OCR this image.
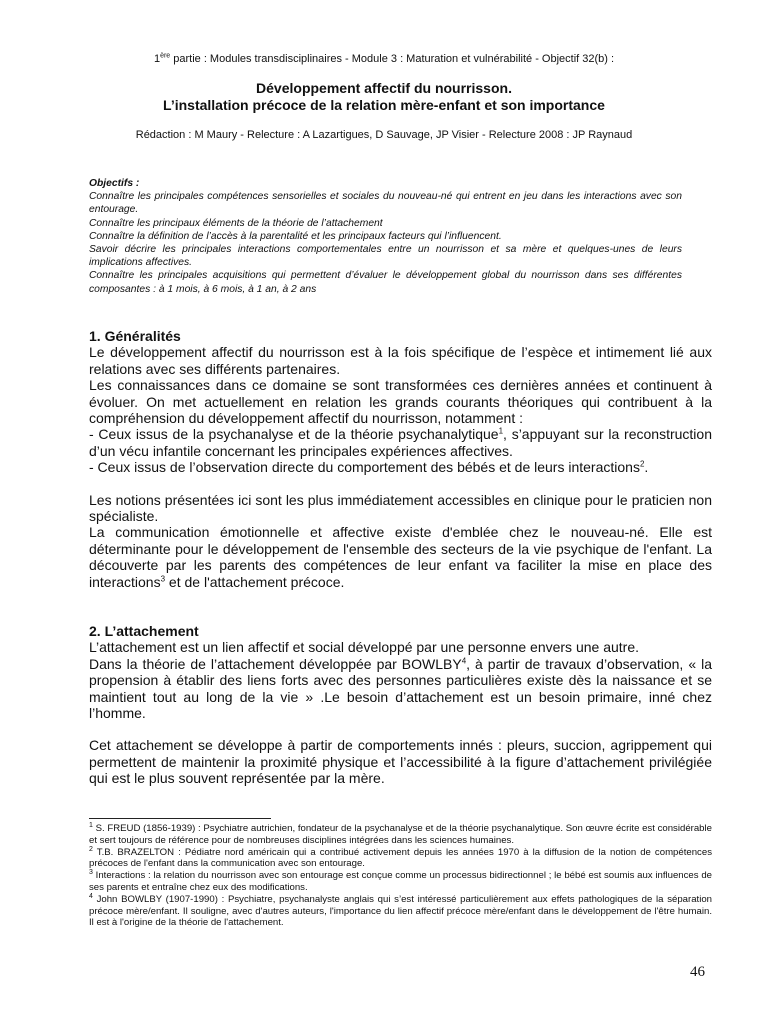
1ère partie : Modules transdisciplinaires - Module 3 : Maturation et vulnérabilité - Objectif 32(b) :
Développement affectif du nourrisson.
L’installation précoce de la relation mère-enfant et son importance
Rédaction : M Maury - Relecture : A Lazartigues, D Sauvage, JP Visier - Relecture 2008 : JP Raynaud
Objectifs :

Connaître les principales compétences sensorielles et sociales du nouveau-né qui entrent en jeu dans les interactions avec son entourage.

Connaître les principaux éléments de la théorie de l’attachement

Connaître la définition de l’accès à la parentalité et les principaux facteurs qui l’influencent.

Savoir décrire les principales interactions comportementales entre un nourrisson et sa mère et quelques-unes de leurs implications affectives.

Connaître les principales acquisitions qui permettent d’évaluer le développement global du nourrisson dans ses différentes composantes : à 1 mois, à 6 mois, à 1 an, à 2 ans

1. Généralités

Le développement affectif du nourrisson est à la fois spécifique de l’espèce et intimement lié aux relations avec ses différents partenaires.

Les connaissances dans ce domaine se sont transformées ces dernières années et continuent à évoluer. On met actuellement en relation les grands courants théoriques qui contribuent à la compréhension du développement affectif du nourrisson, notamment :

- Ceux issus de la psychanalyse et de la théorie psychanalytique$^1$, s’appuyant sur la reconstruction d’un vécu infantile concernant les principales expériences affectives.

- Ceux issus de l’observation directe du comportement des bébés et de leurs interactions$^2$.

Les notions présentées ici sont les plus immédiatement accessibles en clinique pour le praticien non spécialiste.

La communication émotionnelle et affective existe d'emblée chez le nouveau-né. Elle est déterminante pour le développement de l'ensemble des secteurs de la vie psychique de l'enfant. La découverte par les parents des compétences de leur enfant va faciliter la mise en place des interactions$^3$ et de l'attachement précoce.

2. L’attachement

L’attachement est un lien affectif et social développé par une personne envers une autre.

Dans la théorie de l’attachement développée par BOWLBY$^4$, à partir de travaux d’observation, « la propension à établir des liens forts avec des personnes particulières existe dès la naissance et se maintient tout au long de la vie » .Le besoin d’attachement est un besoin primaire, inné chez l’homme.

Cet attachement se développe à partir de comportements innés : pleurs, succion, agrippement qui permettent de maintenir la proximité physique et l’accessibilité à la figure d’attachement privilégiée qui est le plus souvent représentée par la mère.

$^1$ S. FREUD (1856-1939) : Psychiatre autrichien, fondateur de la psychanalyse et de la théorie psychanalytique. Son œuvre écrite est considérable et sert toujours de référence pour de nombreuses disciplines intégrées dans les sciences humaines.

$^2$ T.B. BRAZELTON : Pédiatre nord américain qui a contribué activement depuis les années 1970 à la diffusion de la notion de compétences précoces de l'enfant dans la communication avec son entourage.

$^3$ Interactions : la relation du nourrisson avec son entourage est conçue comme un processus bidirectionnel ; le bébé est soumis aux influences de ses parents et entraîne chez eux des modifications.

$^4$ John BOWLBY (1907-1990) : Psychiatre, psychanalyste anglais qui s’est intéressé particulièrement aux effets pathologiques de la séparation précoce mère/enfant. Il souligne, avec d'autres auteurs, l'importance du lien affectif précoce mère/enfant dans le développement de l'être humain. Il est à l'origine de la théorie de l'attachement.

46
